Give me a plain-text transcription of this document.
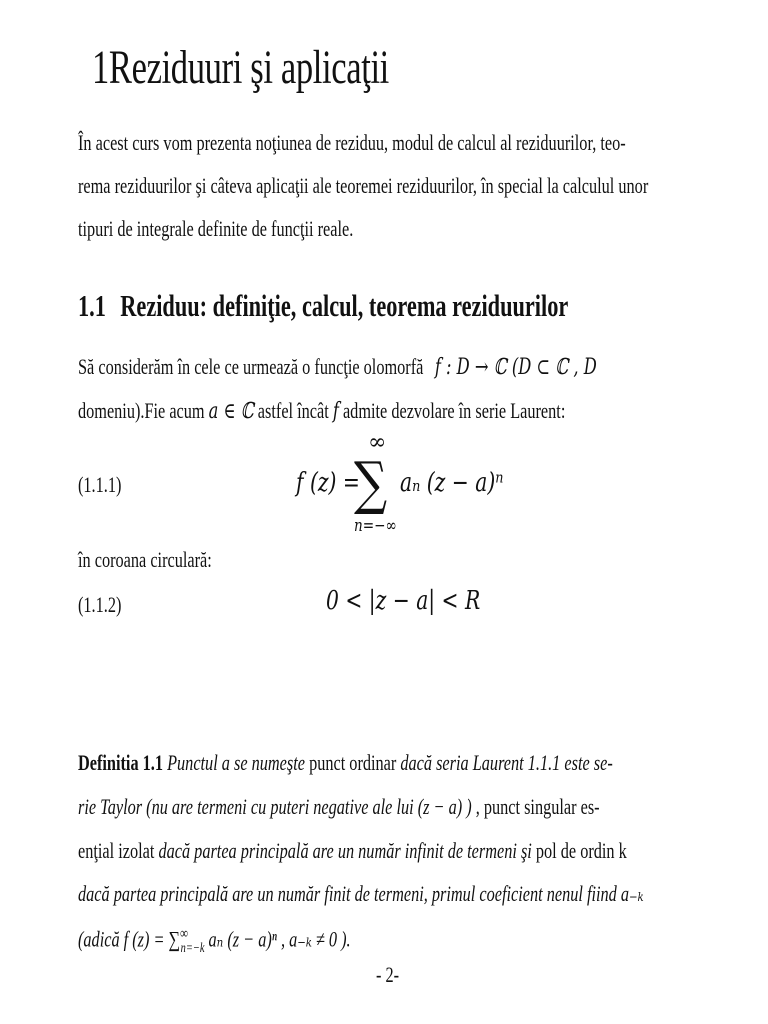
1Reziduuri şi aplicaţii
În acest curs vom prezenta noţiunea de reziduu, modul de calcul al reziduurilor, teo-
rema reziduurilor şi câteva aplicaţii ale teoremei reziduurilor, în special la calculul unor
tipuri de integrale definite de funcţii reale.
1.1 Reziduu: definiţie, calcul, teorema reziduurilor
Să considerăm în cele ce urmează o funcţie olomorfă f : D → ℂ (D ⊂ ℂ , D
domeniu).Fie acum a ∈ ℂ astfel încât f admite dezvolare în serie Laurent:
(1.1.1)	f (z) =
∞
∑
n=−∞
aₙ (z − a)ⁿ
în coroana circulară:
(1.1.2)	0 < |z − a| < R
Definitia 1.1 Punctul a se numeşte punct ordinar dacă seria Laurent 1.1.1 este se-
rie Taylor (nu are termeni cu puteri negative ale lui (z − a) ) , punct singular es-
enţial izolat dacă partea principală are un număr infinit de termeni şi pol de ordin k
dacă partea principală are un număr finit de termeni, primul coeficient nenul fiind a₋ₖ
(adică f $(z) = \sum^\infty_{n=-k}$ aₙ (z − a)ⁿ , a₋ₖ ≠ 0 ).
- 2-
